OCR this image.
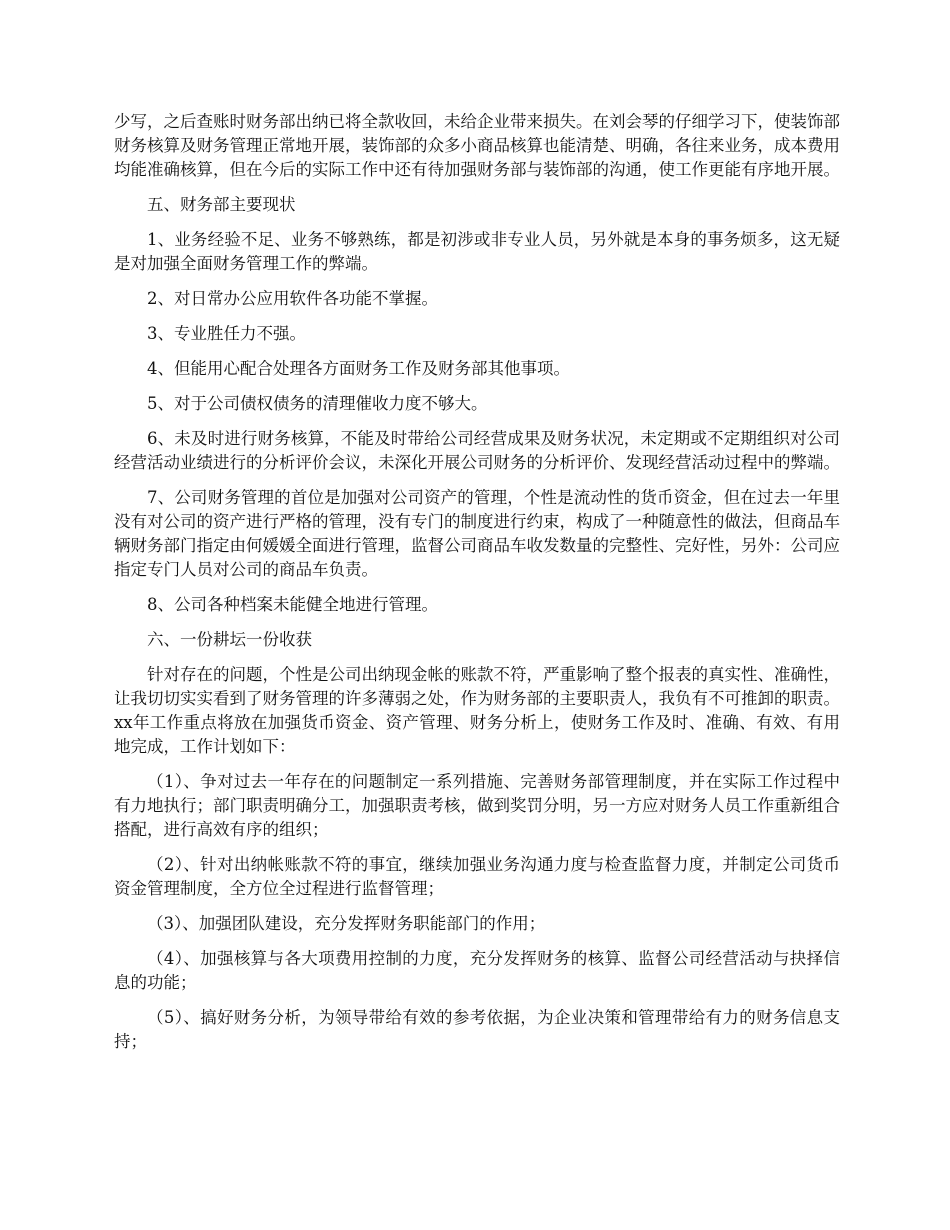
少写，之后查账时财务部出纳已将全款收回，未给企业带来损失。在刘会琴的仔细学习下，使装饰部财务核算及财务管理正常地开展，装饰部的众多小商品核算也能清楚、明确，各往来业务，成本费用均能准确核算，但在今后的实际工作中还有待加强财务部与装饰部的沟通，使工作更能有序地开展。

五、财务部主要现状

1、业务经验不足、业务不够熟练，都是初涉或非专业人员，另外就是本身的事务烦多，这无疑是对加强全面财务管理工作的弊端。

2、对日常办公应用软件各功能不掌握。

3、专业胜任力不强。

4、但能用心配合处理各方面财务工作及财务部其他事项。

5、对于公司债权债务的清理催收力度不够大。

6、未及时进行财务核算，不能及时带给公司经营成果及财务状况，未定期或不定期组织对公司经营活动业绩进行的分析评价会议，未深化开展公司财务的分析评价、发现经营活动过程中的弊端。

7、公司财务管理的首位是加强对公司资产的管理，个性是流动性的货币资金，但在过去一年里没有对公司的资产进行严格的管理，没有专门的制度进行约束，构成了一种随意性的做法，但商品车辆财务部门指定由何媛媛全面进行管理，监督公司商品车收发数量的完整性、完好性，另外：公司应指定专门人员对公司的商品车负责。

8、公司各种档案未能健全地进行管理。

六、一份耕坛一份收获

针对存在的问题，个性是公司出纳现金帐的账款不符，严重影响了整个报表的真实性、准确性，让我切切实实看到了财务管理的许多薄弱之处，作为财务部的主要职责人，我负有不可推卸的职责。xx年工作重点将放在加强货币资金、资产管理、财务分析上，使财务工作及时、准确、有效、有用地完成，工作计划如下：

（1）、争对过去一年存在的问题制定一系列措施、完善财务部管理制度，并在实际工作过程中有力地执行；部门职责明确分工，加强职责考核，做到奖罚分明，另一方应对财务人员工作重新组合搭配，进行高效有序的组织；

（2）、针对出纳帐账款不符的事宜，继续加强业务沟通力度与检查监督力度，并制定公司货币资金管理制度，全方位全过程进行监督管理；

（3）、加强团队建设，充分发挥财务职能部门的作用；

（4）、加强核算与各大项费用控制的力度，充分发挥财务的核算、监督公司经营活动与抉择信息的功能；

（5）、搞好财务分析，为领导带给有效的参考依据，为企业决策和管理带给有力的财务信息支持；
